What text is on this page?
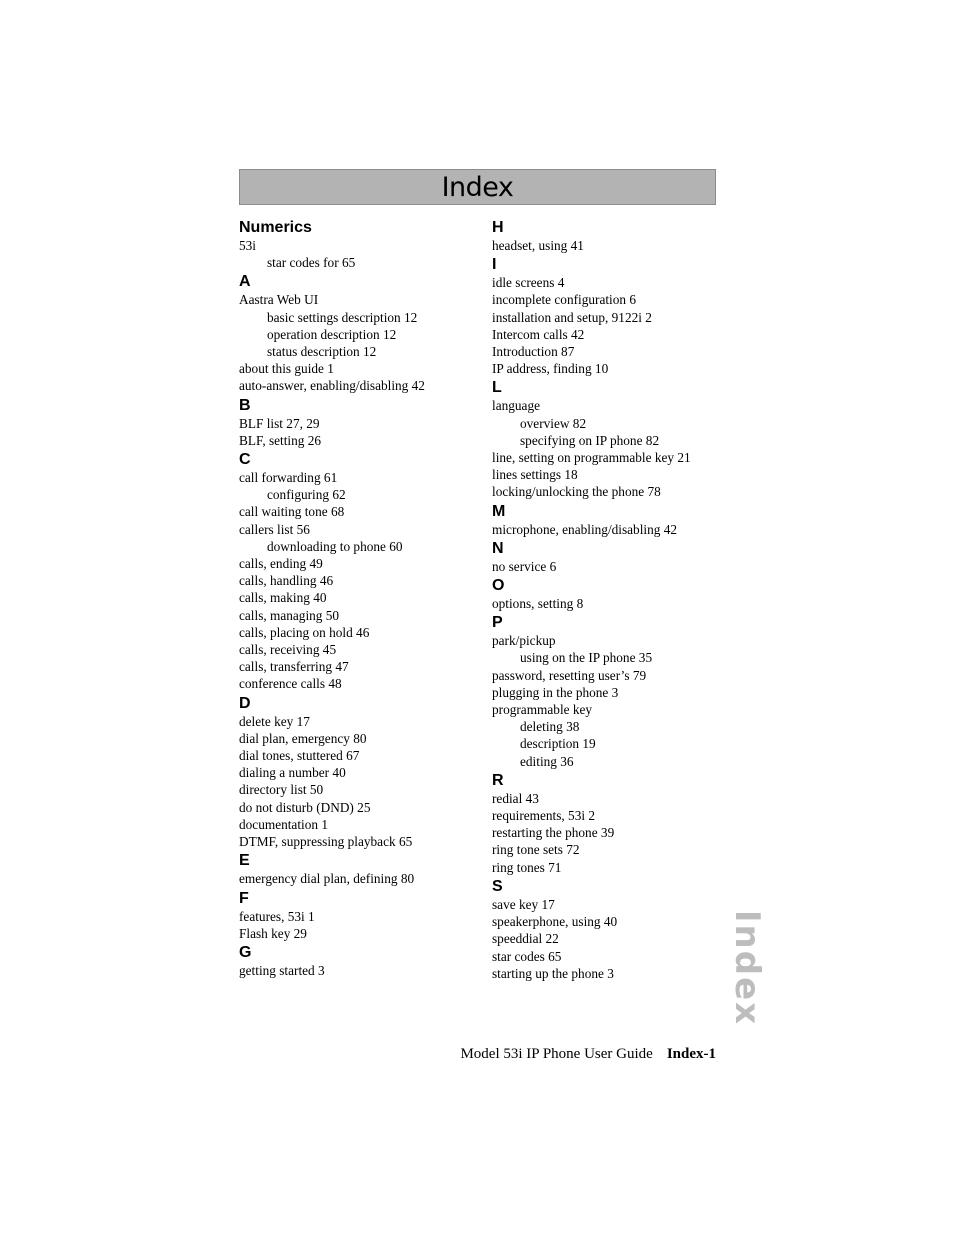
Index
Numerics
53i
star codes for 65
A
Aastra Web UI
basic settings description 12
operation description 12
status description 12
about this guide 1
auto-answer, enabling/disabling 42
B
BLF list 27, 29
BLF, setting 26
C
call forwarding 61
configuring 62
call waiting tone 68
callers list 56
downloading to phone 60
calls, ending 49
calls, handling 46
calls, making 40
calls, managing 50
calls, placing on hold 46
calls, receiving 45
calls, transferring 47
conference calls 48
D
delete key 17
dial plan, emergency 80
dial tones, stuttered 67
dialing a number 40
directory list 50
do not disturb (DND) 25
documentation 1
DTMF, suppressing playback 65
E
emergency dial plan, defining 80
F
features, 53i 1
Flash key 29
G
getting started 3
H
headset, using 41
I
idle screens 4
incomplete configuration 6
installation and setup, 9122i 2
Intercom calls 42
Introduction 87
IP address, finding 10
L
language
overview 82
specifying on IP phone 82
line, setting on programmable key 21
lines settings 18
locking/unlocking the phone 78
M
microphone, enabling/disabling 42
N
no service 6
O
options, setting 8
P
park/pickup
using on the IP phone 35
password, resetting user’s 79
plugging in the phone 3
programmable key
deleting 38
description 19
editing 36
R
redial 43
requirements, 53i 2
restarting the phone 39
ring tone sets 72
ring tones 71
S
save key 17
speakerphone, using 40
speeddial 22
star codes 65
starting up the phone 3	Index
Model 53i IP Phone User Guide Index-1
